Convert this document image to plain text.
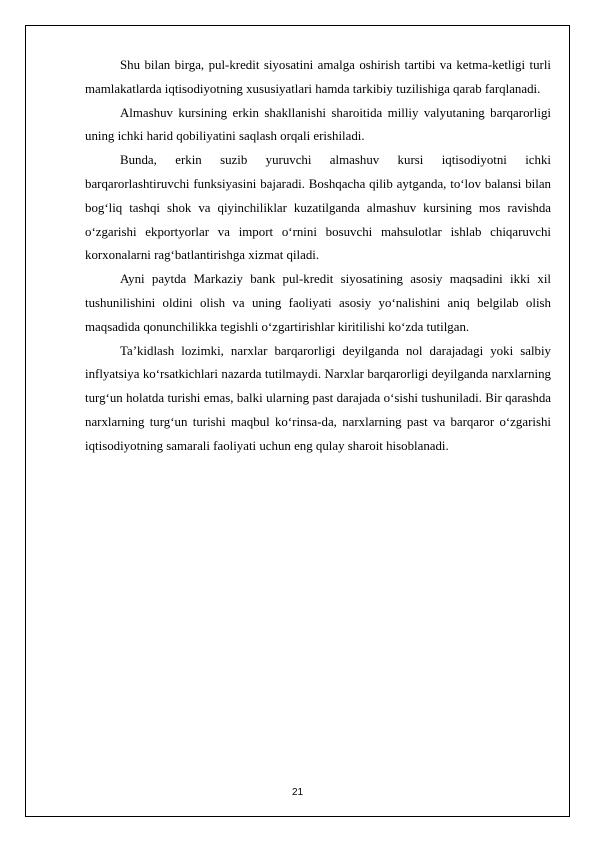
Shu bilan birga, pul-kredit siyosatini amalga oshirish tartibi va ketma-ketligi turli mamlakatlarda iqtisodiyotning xususiyatlari hamda tarkibiy tuzilishiga qarab farqlanadi.

Almashuv kursining erkin shakllanishi sharoitida milliy valyutaning barqarorligi uning ichki harid qobiliyatini saqlash orqali erishiladi.

Bunda, erkin suzib yuruvchi almashuv kursi iqtisodiyotni ichki barqarorlashtiruvchi funksiyasini bajaradi. Boshqacha qilib aytganda, to‘lov balansi bilan bog‘liq tashqi shok va qiyinchiliklar kuzatilganda almashuv kursining mos ravishda o‘zgarishi ekportyorlar va import o‘rnini bosuvchi mahsulotlar ishlab chiqaruvchi korxonalarni rag‘batlantirishga xizmat qiladi.

Ayni paytda Markaziy bank pul-kredit siyosatining asosiy maqsadini ikki xil tushunilishini oldini olish va uning faoliyati asosiy yo‘nalishini aniq belgilab olish maqsadida qonunchilikka tegishli o‘zgartirishlar kiritilishi ko‘zda tutilgan.

Ta’kidlash lozimki, narxlar barqarorligi deyilganda nol darajadagi yoki salbiy inflyatsiya ko‘rsatkichlari nazarda tutilmaydi. Narxlar barqarorligi deyilganda narxlarning turg‘un holatda turishi emas, balki ularning past darajada o‘sishi tushuniladi. Bir qarashda narxlarning turg‘un turishi maqbul ko‘rinsa-da, narxlarning past va barqaror o‘zgarishi iqtisodiyotning samarali faoliyati uchun eng qulay sharoit hisoblanadi.

21
